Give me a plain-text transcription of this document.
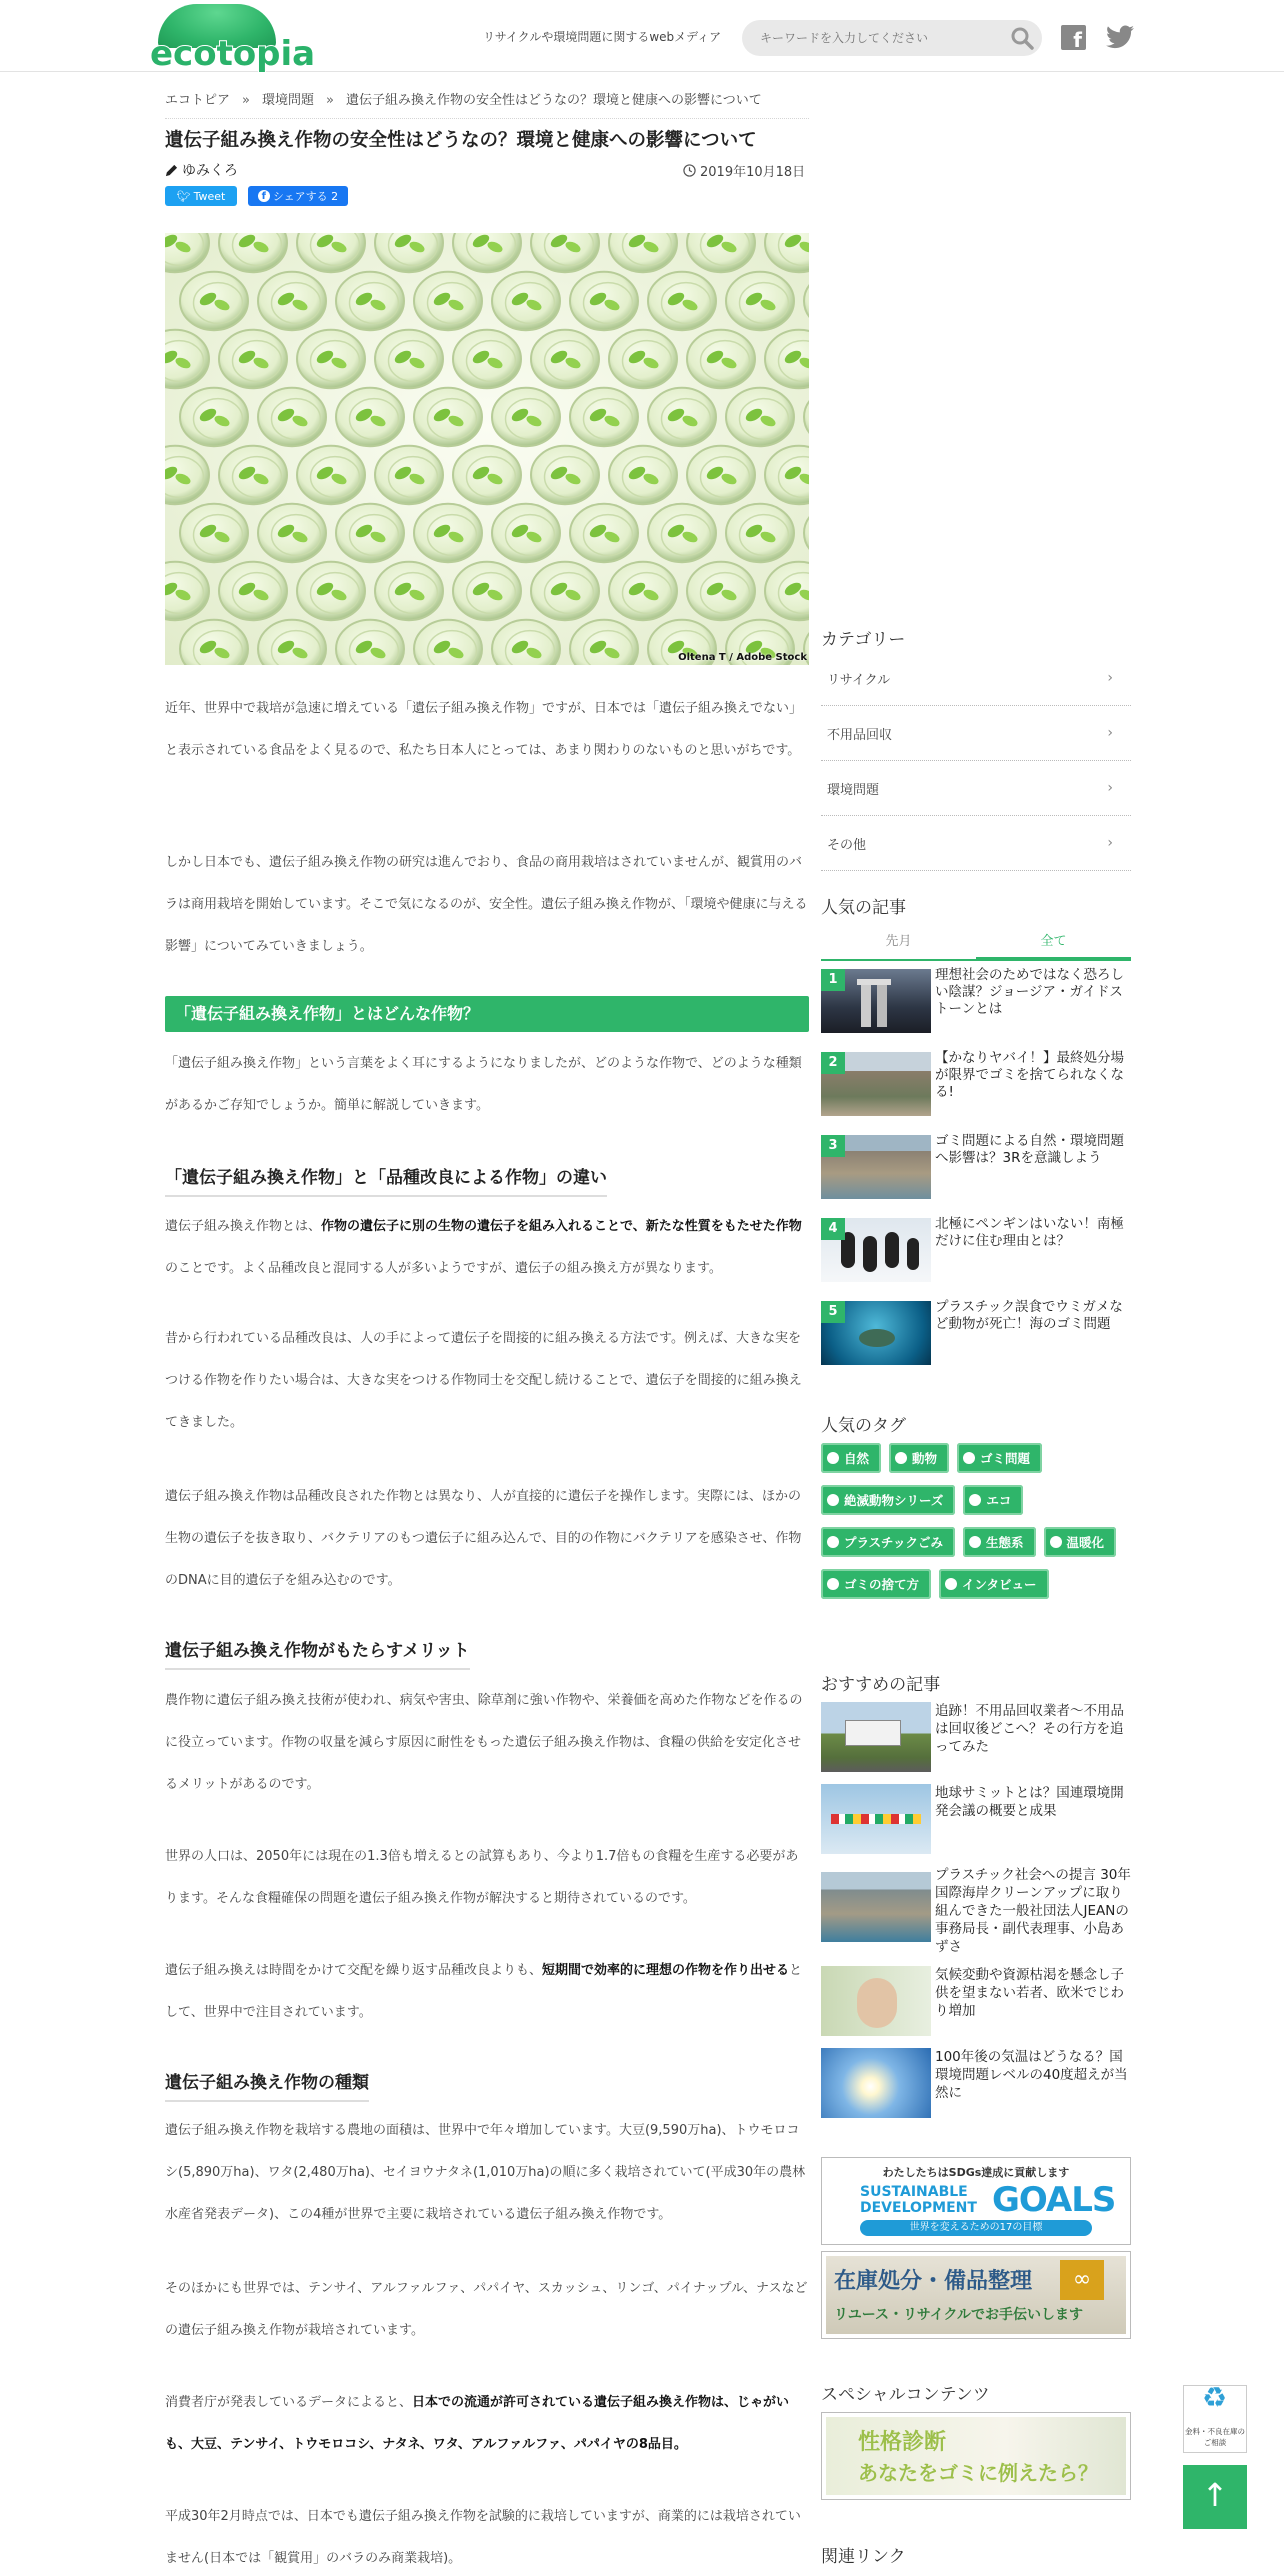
ecotopia	リサイクルや環境問題に関するwebメディア
キーワードを入力してください	f
エコトピア » 環境問題 » 遺伝子組み換え作物の安全性はどうなの？環境と健康への影響について
遺伝子組み換え作物の安全性はどうなの？環境と健康への影響について
ゆみくろ	2019年10月18日
🐦︎ Tweet	f シェアする 2
Oltena T / Adobe Stock
近年、世界中で栽培が急速に増えている「遺伝子組み換え作物」ですが、日本では「遺伝子組み換えでない」と表示されている食品をよく見るので、私たち日本人にとっては、あまり関わりのないものと思いがちです。
しかし日本でも、遺伝子組み換え作物の研究は進んでおり、食品の商用栽培はされていませんが、観賞用のバラは商用栽培を開始しています。そこで気になるのが、安全性。遺伝子組み換え作物が、「環境や健康に与える影響」についてみていきましょう。
「遺伝子組み換え作物」とはどんな作物？
「遺伝子組み換え作物」という言葉をよく耳にするようになりましたが、どのような作物で、どのような種類があるかご存知でしょうか。簡単に解説していきます。
「遺伝子組み換え作物」と「品種改良による作物」の違い
遺伝子組み換え作物とは、作物の遺伝子に別の生物の遺伝子を組み入れることで、新たな性質をもたせた作物のことです。よく品種改良と混同する人が多いようですが、遺伝子の組み換え方が異なります。
昔から行われている品種改良は、人の手によって遺伝子を間接的に組み換える方法です。例えば、大きな実をつける作物を作りたい場合は、大きな実をつける作物同士を交配し続けることで、遺伝子を間接的に組み換えてきました。
遺伝子組み換え作物は品種改良された作物とは異なり、人が直接的に遺伝子を操作します。実際には、ほかの生物の遺伝子を抜き取り、バクテリアのもつ遺伝子に組み込んで、目的の作物にバクテリアを感染させ、作物のDNAに目的遺伝子を組み込むのです。
遺伝子組み換え作物がもたらすメリット
農作物に遺伝子組み換え技術が使われ、病気や害虫、除草剤に強い作物や、栄養価を高めた作物などを作るのに役立っています。作物の収量を減らす原因に耐性をもった遺伝子組み換え作物は、食糧の供給を安定化させるメリットがあるのです。
世界の人口は、2050年には現在の1.3倍も増えるとの試算もあり、今より1.7倍もの食糧を生産する必要があります。そんな食糧確保の問題を遺伝子組み換え作物が解決すると期待されているのです。
遺伝子組み換えは時間をかけて交配を繰り返す品種改良よりも、短期間で効率的に理想の作物を作り出せるとして、世界中で注目されています。
遺伝子組み換え作物の種類
遺伝子組み換え作物を栽培する農地の面積は、世界中で年々増加しています。大豆(9,590万ha)、トウモロコシ(5,890万ha)、ワタ(2,480万ha)、セイヨウナタネ(1,010万ha)の順に多く栽培されていて(平成30年の農林水産省発表データ)、この4種が世界で主要に栽培されている遺伝子組み換え作物です。
そのほかにも世界では、テンサイ、アルファルファ、パパイヤ、スカッシュ、リンゴ、パイナップル、ナスなどの遺伝子組み換え作物が栽培されています。
消費者庁が発表しているデータによると、日本での流通が許可されている遺伝子組み換え作物は、じゃがいも、大豆、テンサイ、トウモロコシ、ナタネ、ワタ、アルファルファ、パパイヤの8品目。
平成30年2月時点では、日本でも遺伝子組み換え作物を試験的に栽培していますが、商業的には栽培されていません(日本では「観賞用」のバラのみ商業栽培)。
カテゴリー
リサイクル	›
不用品回収	›
環境問題	›
その他	›
人気の記事
先月	全て
1	理想社会のためではなく恐ろしい陰謀？ジョージア・ガイドストーンとは
2	【かなりヤバイ！】最終処分場が限界でゴミを捨てられなくなる!
3	ゴミ問題による自然・環境問題へ影響は？3Rを意識しよう
4	北極にペンギンはいない！南極だけに住む理由とは？
5	プラスチック誤食でウミガメなど動物が死亡！海のゴミ問題
人気のタグ
自然	動物	ゴミ問題
絶滅動物シリーズ	エコ
プラスチックごみ	生態系	温暖化
ゴミの捨て方	インタビュー
おすすめの記事
追跡！不用品回収業者～不用品は回収後どこへ？その行方を追ってみた
地球サミットとは？国連環境開発会議の概要と成果
プラスチック社会への提言 30年国際海岸クリーンアップに取り組んできた一般社団法人JEANの事務局長・副代表理事、小島あずさ
気候変動や資源枯渇を懸念し子供を望まない若者、欧米でじわり増加
100年後の気温はどうなる？国環境問題レベルの40度超えが当然に
わたしたちはSDGs達成に貢献します
SUSTAINABLE
DEVELOPMENT GOALS
世界を変えるための17の目標
在庫処分・備品整理	∞
リユース・リサイクルでお手伝いします
スペシャルコンテンツ
性格診断
あなたをゴミに例えたら？
関連リンク
♻
金料・不良在庫のご相談
↑
